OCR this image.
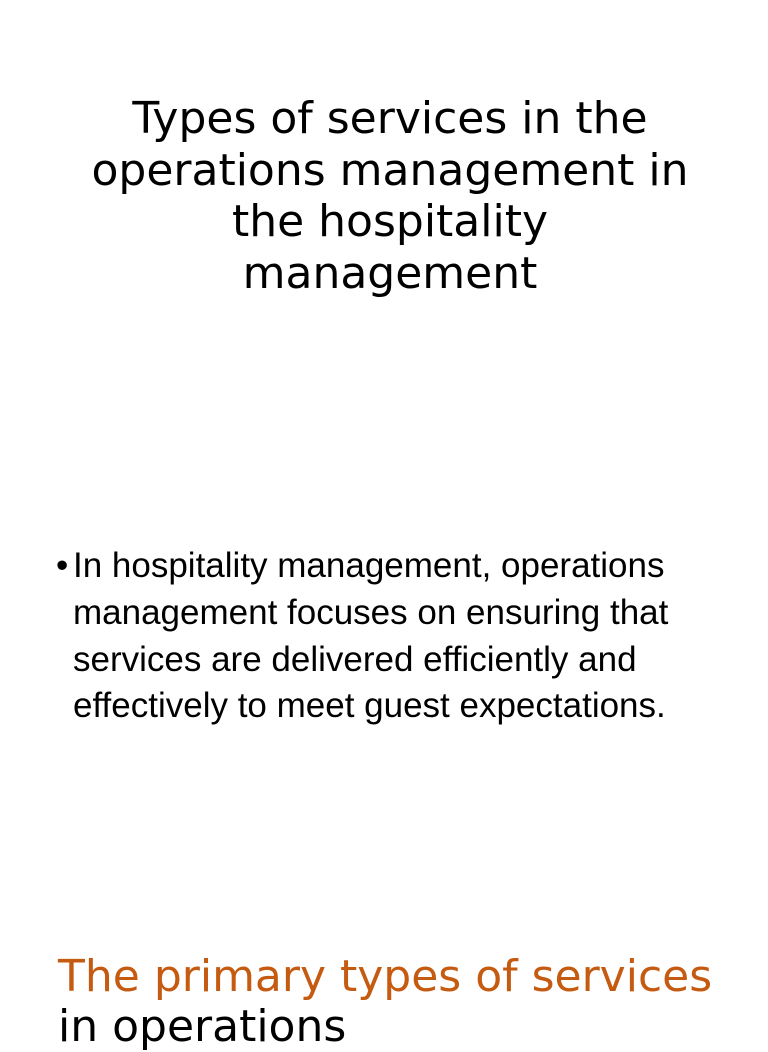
Types of services in the operations management in the hospitality management
• In hospitality management, operations management focuses on ensuring that services are delivered efficiently and effectively to meet guest expectations.
The primary types of services in operations
